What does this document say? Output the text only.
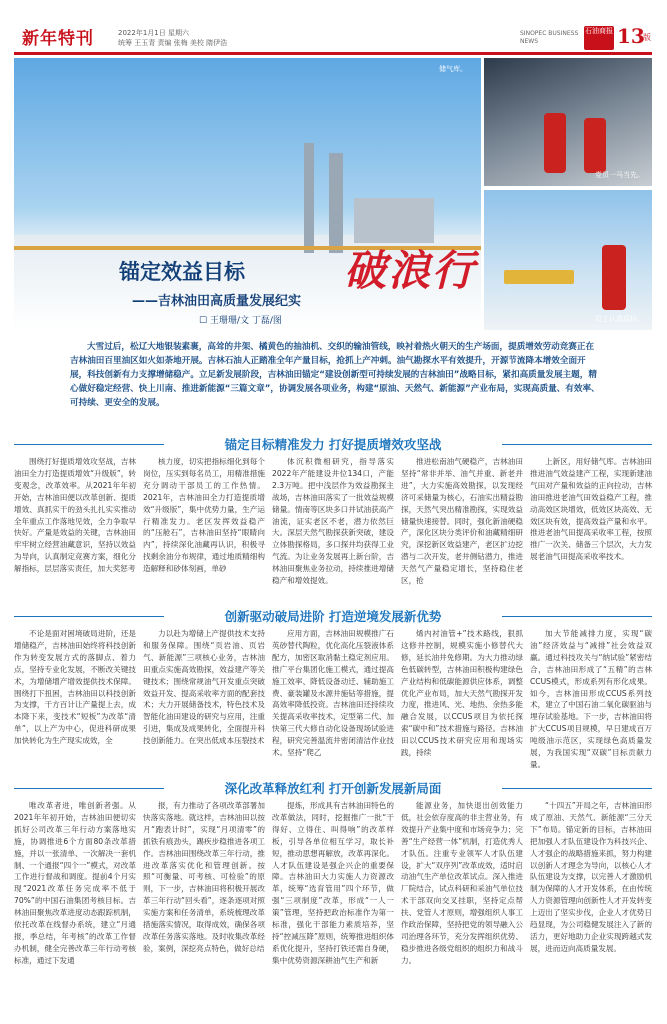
新年特刊	2022年1月1日 星期六
统筹 王玉青 责编 张梅 美校 隋伊浩
SINOPEC BUSINESS NEWS
石油商报 13
版
储气库。
锚定效益目标 破浪行
——吉林油田高质量发展纪实
☐ 王珊珊/文 丁磊/图
党员一马当先。
员工认真巡检。
大雪过后，松辽大地银装素裹，高耸的井架、橘黄色的抽油机、交织的输油管线，映衬着热火朝天的生产场面，提质增效劳动竞赛正在吉林油田百里油区如火如荼地开展。吉林石油人正踏准全年产量目标，抢抓上产冲刺。油气勘探水平有效提升，开源节流降本增效全面开展，科技创新有力支撑增储稳产。立足新发展阶段，吉林油田锚定“建设创新型可持续发展的吉林油田”战略目标，紧扣高质量发展主题，精心做好稳定经营、快上川南、推进新能源“三篇文章”，协调发展各项业务，构建“原油、天然气、新能源”产业布局，实现高质量、有效率、可持续、更安全的发展。
锚定目标精准发力 打好提质增效攻坚战

围绕打好提质增效攻坚战，吉林油田全力打造提质增效“升级版”，转变观念，改革效率。从2021年年初开始，吉林油田便以改革创新、提质增效、真抓实干的劲头扎扎实实推动全年重点工作落地见效，全力争取早快好。产量是效益的关键，吉林油田牢牢树立经营油藏意识，坚持以效益为导向，认真制定竞赛方案，细化分解指标，层层落实责任，加大奖惩考

核力度，切实把指标细化到每个岗位，压实到每名员工，用精准措施充分调动干部员工的工作热情。2021年，吉林油田全力打造提质增效“升级版”，集中优势力量，生产运行精准发力。老区发挥效益稳产的“压舱石”，吉林油田坚持“眼睛向内”，持续深化油藏再认识，积极寻找剩余油分布规律，通过地质精细构造解释和砂体刻画，单砂

体沉积微相研究，指导落实2022年产能建设井位134口，产能2.3万吨。把中浅层作为效益勘探主战场，吉林油田落实了一批效益规模储量。情南等区块多口井试油获高产油流，证实老区不老，潜力依然巨大。深层天然气勘探获新突破，建设立体勘探格局，多口探井均获得工业气流。为让业务发展再上新台阶，吉林油田聚焦业务拉动，持续推进增储稳产和增效提效。

推进松南油气硬稳产，吉林油田坚持“常非并举、油气并重、新老并进”，大力实施高效勘探，以发现经济可采储量为核心，石油实出精益勘探，天然气突出精准勘探，实现效益储量快速接替。同时，强化新油硬稳产，深化区块分类评价和油藏精细研究，深挖新区效益建产，老区扩边挖潜与二次开发，老井侧钻潜力，推进天然气产量稳定增长，坚持稳住老区，抢

上新区，用好储气库。吉林油田推进油气效益建产工程，实现新建油气田对产量和效益的正向拉动，吉林油田推进老油气田效益稳产工程，推动高效区块增效，低效区块高效、无效区块有效，提高效益产量和水平。推进老油气田提高采收率工程，按照推广一次关、储备三个层次，大力发展老油气田提高采收率技术。

创新驱动破局进阶 打造逆境发展新优势

不论是面对困境破局进阶，还是增储稳产，吉林油田始终将科技创新作为转变发展方式的落脚点、着力点，坚持专业化发展，不断改关键技术，为增储增产增效提供技术保障。围绕打下扭困，吉林油田以科技创新为支撑，干方百计让产量提上去，成本降下来，变技术“短板”为改革“清单”，以上产为中心，促进科研成果加快转化为生产现实成效，全

力以赴为增储上产提供技术支持和服务保障。围绕“页岩油、页岩气、新能源”三项核心业务，吉林油田重点实施高效勘探，效益建产等关键技术；围绕常规油气开发重点突破效益开发、提高采收率方面的配套技术；大力开展储备技术，特色技术及智能化油田建设的研究与应用，注重引进，集成及成果转化，全面提升科技创新能力。在突出低成本压裂技术

应用方面，吉林油田规模推广石英砂替代陶粒，优化高化压裂液体系配方，加密区取消黏土稳定剂应用。推广平台集团化施工模式，通过提高施工效率、降低设备动迁、辅助施工费、豪装罐及水源井施钻等措施，提高效率降低投资。吉林油田还持续攻关提高采收率技术，定型第二代、加快第三代大修自动化设备现场试验进程，研究完善温流井密闭清洁作业技术。坚持“爬乙

烯内衬油管+”技术路线，狠抓这修井控制，规模实施小修替代大修，延长油井免修期。为大力推动绿色低碳转型，吉林油田积极构建绿色产业结构和低碳能源供应体系，调整优化产业布局，加大天然气勘探开发力度，推进风、光、地热、余热多能融合发展，以CCUS项目为依托探索“碳中和”技术措施与路径。吉林油田以CCUS技术研究应用和现场实践，持续

加大节能减排力度，实现“碳油”经济效益与“减排”社会效益双赢。通过科技攻关与“纳试验”紧密结合，吉林油田形成了“五精”的吉林CCUS模式，形成系列有形化成果。如今，吉林油田形成CCUS系列技术，建立了中国石油二氧化碳驱油与埋存试验基地。下一步，吉林油田将扩大CCUS项目规模，早日建成百万吨级油示范区，实现绿色高质量发展，为我国实现“双碳”目标贡献力量。

深化改革释放红利 打开创新发展新局面

唯改革者进，唯创新者强。从2021年年初开始，吉林油田便切实抓好公司改革三年行动方案落地实施，协调推进6个方面80条改革措施，并以一张清单、一次解决一套机制、一个通报“四个一”模式，对改革工作进行督战和调度。提前4个月实现“2021改革任务完成率不低于70%”的中国石油集团考核目标。吉林油田聚焦改革进度动态跟踪机制，依托改革在线督办系统，建立“月通报，季总结，年考核”的改革工作督办机制，健全完善改革三年行动考核标准，通过下发通

报，有力推动了各项改革部署加快落实落地。就这样，吉林油田以按月“跑表计时”，实现“月项清零”的抓铁有痕劲头，踢疾步稳推进各项工作。吉林油田围绕改革三年行动，推进改革落实优化和管理创新。按照“可衡量、可考核、可检验”的原则，下一步，吉林油田将积极开展改革三年行动“回头看”，逐条逐项对照实施方案和任务清单，系统梳理改革措施落实情况，取得成效，确保各项改革任务落实落地。及时收集改革经验，案例，深挖亮点特色，做好总结

提炼，形成具有吉林油田特色的改革做法，同时，挖掘推广一批“干得好、立得住、叫得响”的改革样板，引导各单位相互学习，取长补短，推动思想再解放，改革再深化。人才队伍建设是强企兴企的重要保障。吉林油田大力实施人力资源改革，统筹“选育管用”四个环节，做强“三项制度”改革，形成“一人一策”管理，坚持把政治标准作为第一标准，强化干部能力素质培养，坚持“控减压降”原则，统筹推进组织体系优化提升，坚持打铁还需自身硬，集中优势资源深耕油气生产和新

能源业务，加快退出创效能力低，社会依存度高的非主营业务，有效提升产业集中度和市场竞争力；完善“生产经营一体”机制，打造优秀人才队伍。注重专业领军人才队伍建设，扩大“双序列”改革成效，适时启动油气生产单位改革试点。深入推进厂院结合，试点科研和采油气单位技术干部双向交叉挂职，坚持定点帮扶、党管人才原则，增强组织人事工作政治保障，坚持把党的领导融入公司治理各环节，充分发挥组织优势、稳步推进各级党组织的组织力和战斗力。

“十四五”开局之年，吉林油田形成了原油、天然气、新能源“三分天下”布局。锚定新的目标，吉林油田把加强人才队伍建设作为科技兴企、人才强企的战略措施来抓，努力构建以创新人才理念为导向，以核心人才队伍建设为支撑，以完善人才激励机制为保障的人才开发体系，在由传统人力资源管理向创新性人才开发转变上迈出了坚实步伐，企业人才优势日趋显现，为公司稳健发展注入了新的活力，更好地助力企业实现跨越式发展，进而迈向高质量发展。
